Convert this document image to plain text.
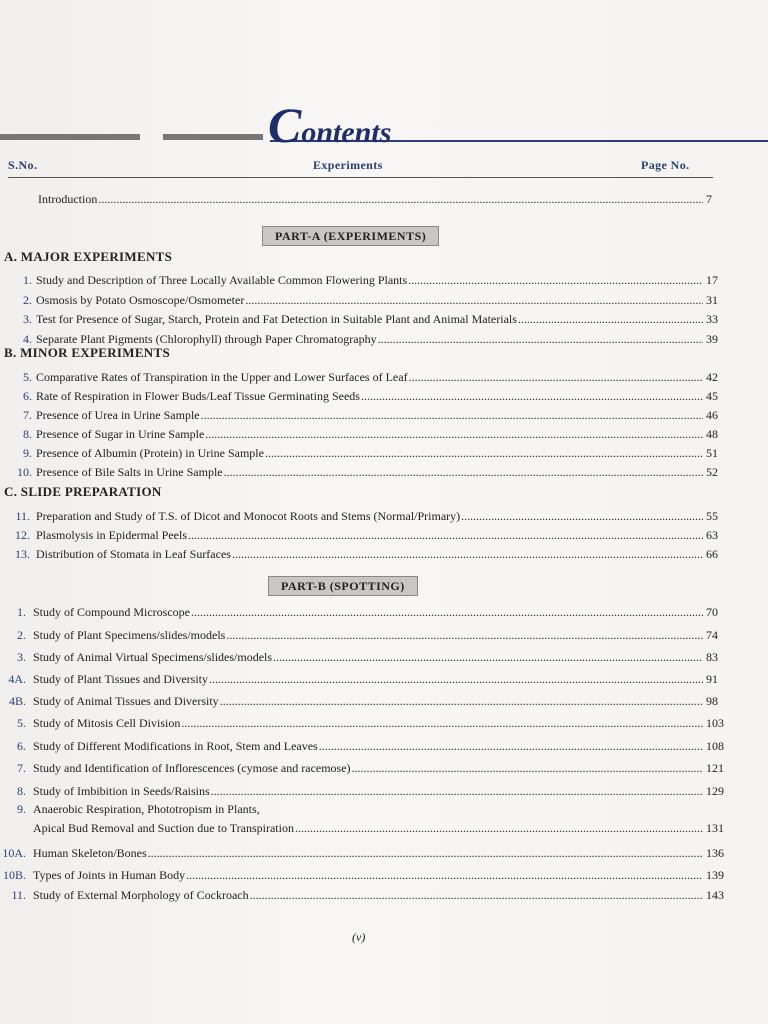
Contents
S.No.	Experiments	Page No.
Introduction .....	7
PART-A (EXPERIMENTS)
A. MAJOR EXPERIMENTS
1. Study and Description of Three Locally Available Common Flowering Plants .....	17
2. Osmosis by Potato Osmoscope/Osmometer .....	31
3. Test for Presence of Sugar, Starch, Protein and Fat Detection in Suitable Plant and Animal Materials .....	33
4. Separate Plant Pigments (Chlorophyll) through Paper Chromatography .....	39
B. MINOR EXPERIMENTS
5. Comparative Rates of Transpiration in the Upper and Lower Surfaces of Leaf .....	42
6. Rate of Respiration in Flower Buds/Leaf Tissue Germinating Seeds .....	45
7. Presence of Urea in Urine Sample .....	46
8. Presence of Sugar in Urine Sample .....	48
9. Presence of Albumin (Protein) in Urine Sample .....	51
10. Presence of Bile Salts in Urine Sample .....	52
C. SLIDE PREPARATION
11. Preparation and Study of T.S. of Dicot and Monocot Roots and Stems (Normal/Primary) .....	55
12. Plasmolysis in Epidermal Peels .....	63
13. Distribution of Stomata in Leaf Surfaces .....	66
PART-B (SPOTTING)
1. Study of Compound Microscope .....	70
2. Study of Plant Specimens/slides/models .....	74
3. Study of Animal Virtual Specimens/slides/models .....	83
4A. Study of Plant Tissues and Diversity .....	91
4B. Study of Animal Tissues and Diversity .....	98
5. Study of Mitosis Cell Division .....	103
6. Study of Different Modifications in Root, Stem and Leaves .....	108
7. Study and Identification of Inflorescences (cymose and racemose) .....	121
8. Study of Imbibition in Seeds/Raisins .....	129
9. Anaerobic Respiration, Phototropism in Plants,
Apical Bud Removal and Suction due to Transpiration .....	131
10A. Human Skeleton/Bones .....	136
10B. Types of Joints in Human Body .....	139
11. Study of External Morphology of Cockroach .....	143
(v)
